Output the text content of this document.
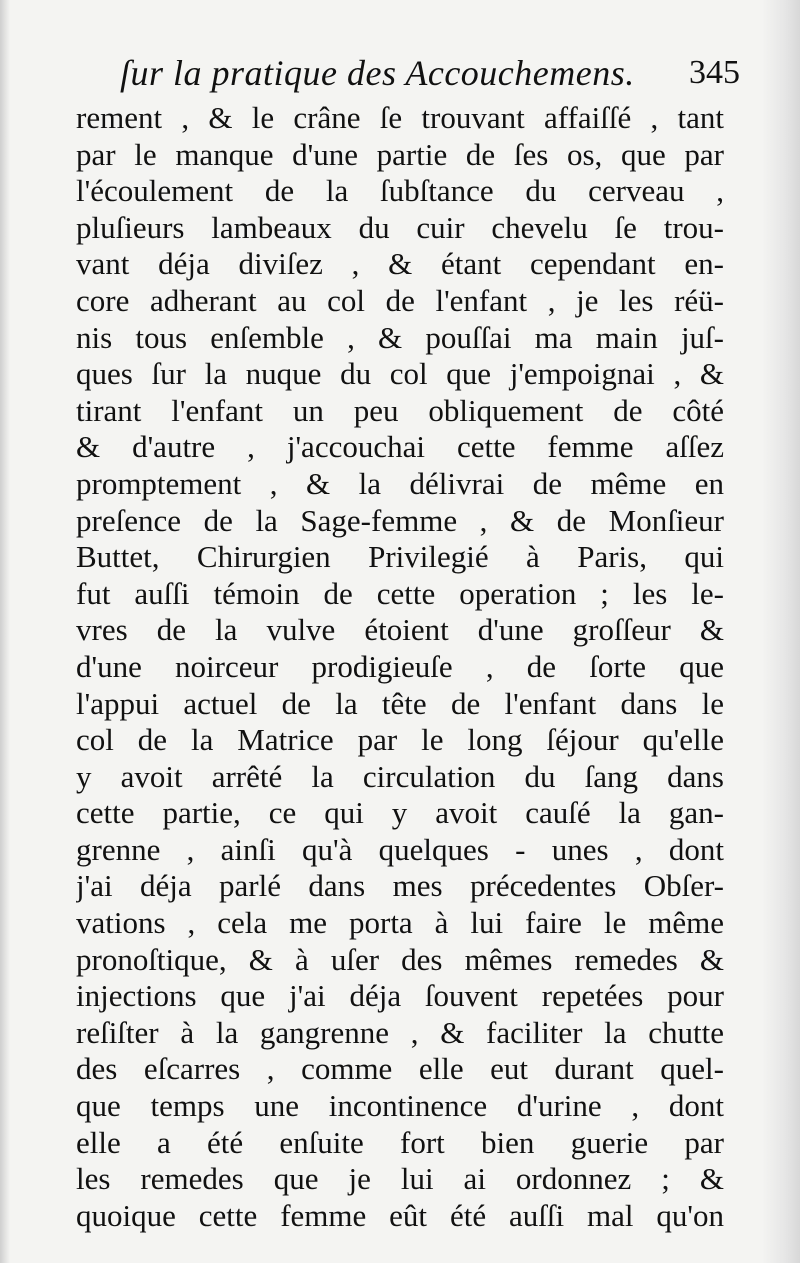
ſur la pratique des Accouchemens. 345
rement , & le crâne ſe trouvant affaiſſé , tant
par le manque d'une partie de ſes os, que par
l'écoulement de la ſubſtance du cerveau ,
pluſieurs lambeaux du cuir chevelu ſe trou-
vant déja diviſez , & étant cependant en-
core adherant au col de l'enfant , je les réü-
nis tous enſemble , & pouſſai ma main juſ-
ques ſur la nuque du col que j'empoignai , &
tirant l'enfant un peu obliquement de côté
& d'autre , j'accouchai cette femme aſſez
promptement , & la délivrai de même en
preſence de la Sage-femme , & de Monſieur
Buttet, Chirurgien Privilegié à Paris, qui
fut auſſi témoin de cette operation ; les le-
vres de la vulve étoient d'une groſſeur &
d'une noirceur prodigieuſe , de ſorte que
l'appui actuel de la tête de l'enfant dans le
col de la Matrice par le long ſéjour qu'elle
y avoit arrêté la circulation du ſang dans
cette partie, ce qui y avoit cauſé la gan-
grenne , ainſi qu'à quelques - unes , dont
j'ai déja parlé dans mes précedentes Obſer-
vations , cela me porta à lui faire le même
pronoſtique, & à uſer des mêmes remedes &
injections que j'ai déja ſouvent repetées pour
reſiſter à la gangrenne , & faciliter la chutte
des eſcarres , comme elle eut durant quel-
que temps une incontinence d'urine , dont
elle a été enſuite fort bien guerie par
les remedes que je lui ai ordonnez ; &
quoique cette femme eût été auſſi mal qu'on
